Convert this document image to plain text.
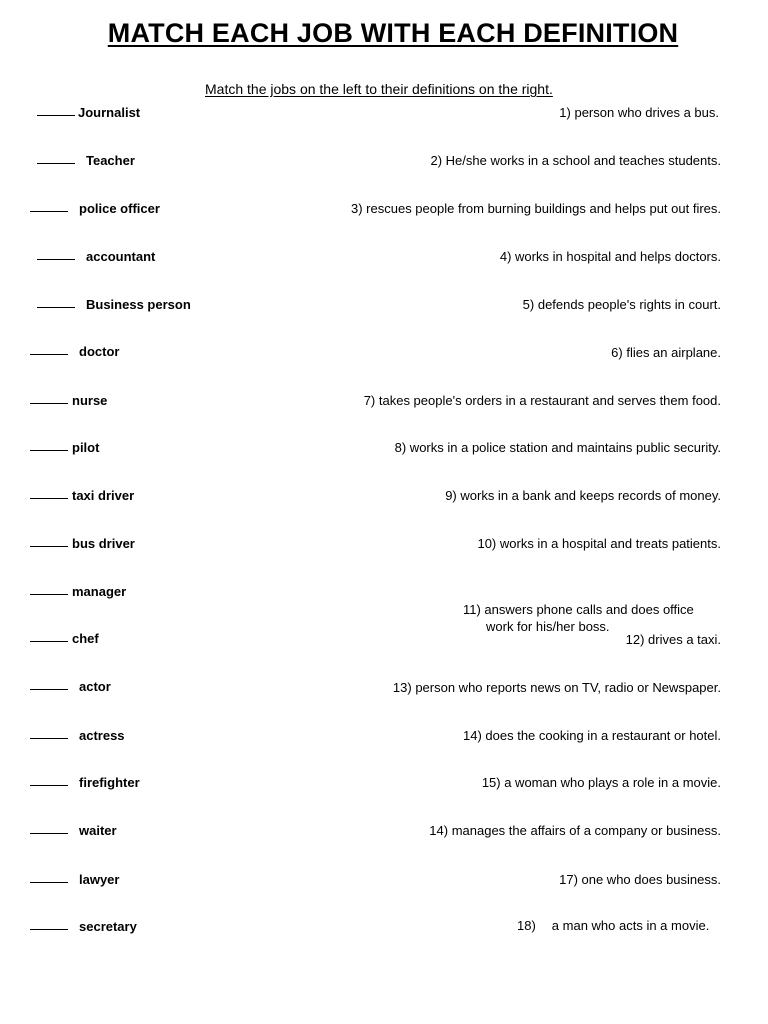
MATCH EACH JOB WITH EACH DEFINITION
Match the jobs on the left to their definitions on the right.
Journalist
Teacher
police officer
accountant
Business person
doctor
nurse
pilot
taxi driver
bus driver
manager
chef
actor
actress
firefighter
waiter
lawyer
secretary
1) person who drives a bus.
2) He/she works in a school and teaches students.
3) rescues people from burning buildings and helps put out fires.
4) works in hospital and helps doctors.
5) defends people's rights in court.
6) flies an airplane.
7) takes people's orders in a restaurant and serves them food.
8) works in a police station and maintains public security.
9) works in a bank and keeps records of money.
10) works in a hospital and treats patients.
11) answers phone calls and does office
work for his/her boss.
12) drives a taxi.
13) person who reports news on TV, radio or Newspaper.
14) does the cooking in a restaurant or hotel.
15) a woman who plays a role in a movie.
14) manages the affairs of a company or business.
17) one who does business.
18) a man who acts in a movie.
